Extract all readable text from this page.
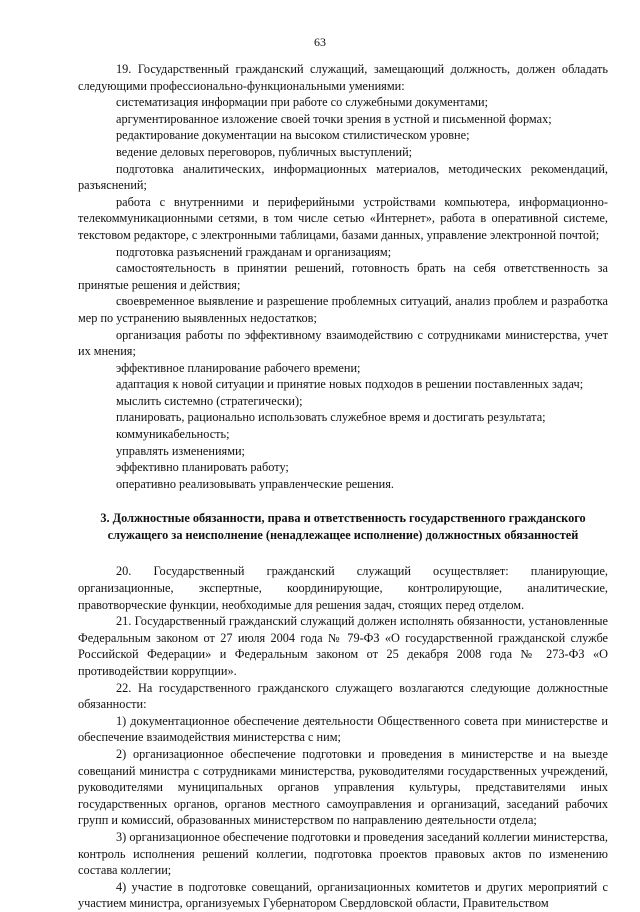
63

19. Государственный гражданский служащий, замещающий должность, должен обладать следующими профессионально-функциональными умениями:

систематизация информации при работе со служебными документами;

аргументированное изложение своей точки зрения в устной и письменной формах;

редактирование документации на высоком стилистическом уровне;

ведение деловых переговоров, публичных выступлений;

подготовка аналитических, информационных материалов, методических рекомендаций, разъяснений;

работа с внутренними и периферийными устройствами компьютера, информационно-телекоммуникационными сетями, в том числе сетью «Интернет», работа в оперативной системе, текстовом редакторе, с электронными таблицами, базами данных, управление электронной почтой;

подготовка разъяснений гражданам и организациям;

самостоятельность в принятии решений, готовность брать на себя ответственность за принятые решения и действия;

своевременное выявление и разрешение проблемных ситуаций, анализ проблем и разработка мер по устранению выявленных недостатков;

организация работы по эффективному взаимодействию с сотрудниками министерства, учет их мнения;

эффективное планирование рабочего времени;

адаптация к новой ситуации и принятие новых подходов в решении поставленных задач;

мыслить системно (стратегически);

планировать, рационально использовать служебное время и достигать результата;

коммуникабельность;

управлять изменениями;

эффективно планировать работу;

оперативно реализовывать управленческие решения.

3. Должностные обязанности, права и ответственность государственного гражданского служащего за неисполнение (ненадлежащее исполнение) должностных обязанностей

20. Государственный гражданский служащий осуществляет: планирующие, организационные, экспертные, координирующие, контролирующие, аналитические, правотворческие функции, необходимые для решения задач, стоящих перед отделом.

21. Государственный гражданский служащий должен исполнять обязанности, установленные Федеральным законом от 27 июля 2004 года № 79-ФЗ «О государственной гражданской службе Российской Федерации» и Федеральным законом от 25 декабря 2008 года № 273-ФЗ «О противодействии коррупции».

22. На государственного гражданского служащего возлагаются следующие должностные обязанности:

1) документационное обеспечение деятельности Общественного совета при министерстве и обеспечение взаимодействия министерства с ним;

2) организационное обеспечение подготовки и проведения в министерстве и на выезде совещаний министра с сотрудниками министерства, руководителями государственных учреждений, руководителями муниципальных органов управления культуры, представителями иных государственных органов, органов местного самоуправления и организаций, заседаний рабочих групп и комиссий, образованных министерством по направлению деятельности отдела;

3) организационное обеспечение подготовки и проведения заседаний коллегии министерства, контроль исполнения решений коллегии, подготовка проектов правовых актов по изменению состава коллегии;

4) участие в подготовке совещаний, организационных комитетов и других мероприятий с участием министра, организуемых Губернатором Свердловской области, Правительством
